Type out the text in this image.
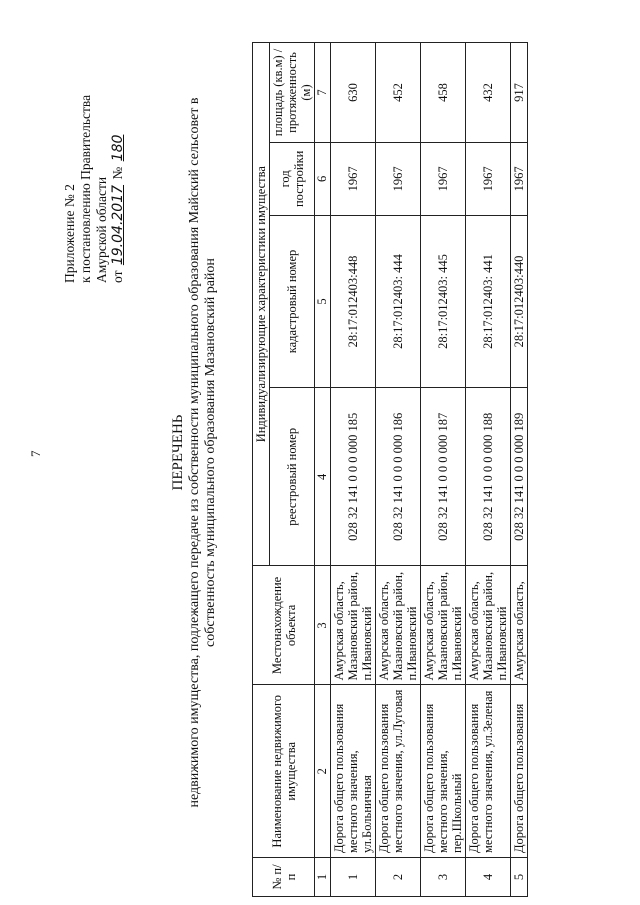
7
Приложение № 2 к постановлению Правительства Амурской области от 19.04.2017 № 180
ПЕРЕЧЕНЬ недвижимого имущества, подлежащего передаче из собственности муниципального образования Майский сельсовет в собственность муниципального образования Мазановский район
№ п/п	Наименование недвижимого имущества	Местонахождение объекта	Индивидуализирующие характеристики имущества			
			реестровый номер	кадастровый номер	год постройки	площадь (кв.м) / протяженность (м)
1	2	3	4	5	6	7
1	Дорога общего пользования местного значения, ул.Больничная	Амурская область, Мазановский район, п.Ивановский	028 32 141 0 0 0 000 185	28:17:012403:448	1967	630
2	Дорога общего пользования местного значения, ул.Луговая	Амурская область, Мазановский район, п.Ивановский	028 32 141 0 0 0 000 186	28:17:012403: 444	1967	452
3	Дорога общего пользования местного значения, пер.Школьный	Амурская область, Мазановский район, п.Ивановский	028 32 141 0 0 0 000 187	28:17:012403: 445	1967	458
4	Дорога общего пользования местного значения, ул.Зеленая	Амурская область, Мазановский район, п.Ивановский	028 32 141 0 0 0 000 188	28:17:012403: 441	1967	432
5	Дорога общего пользования	Амурская область,	028 32 141 0 0 0 000 189	28:17:012403:440	1967	917
